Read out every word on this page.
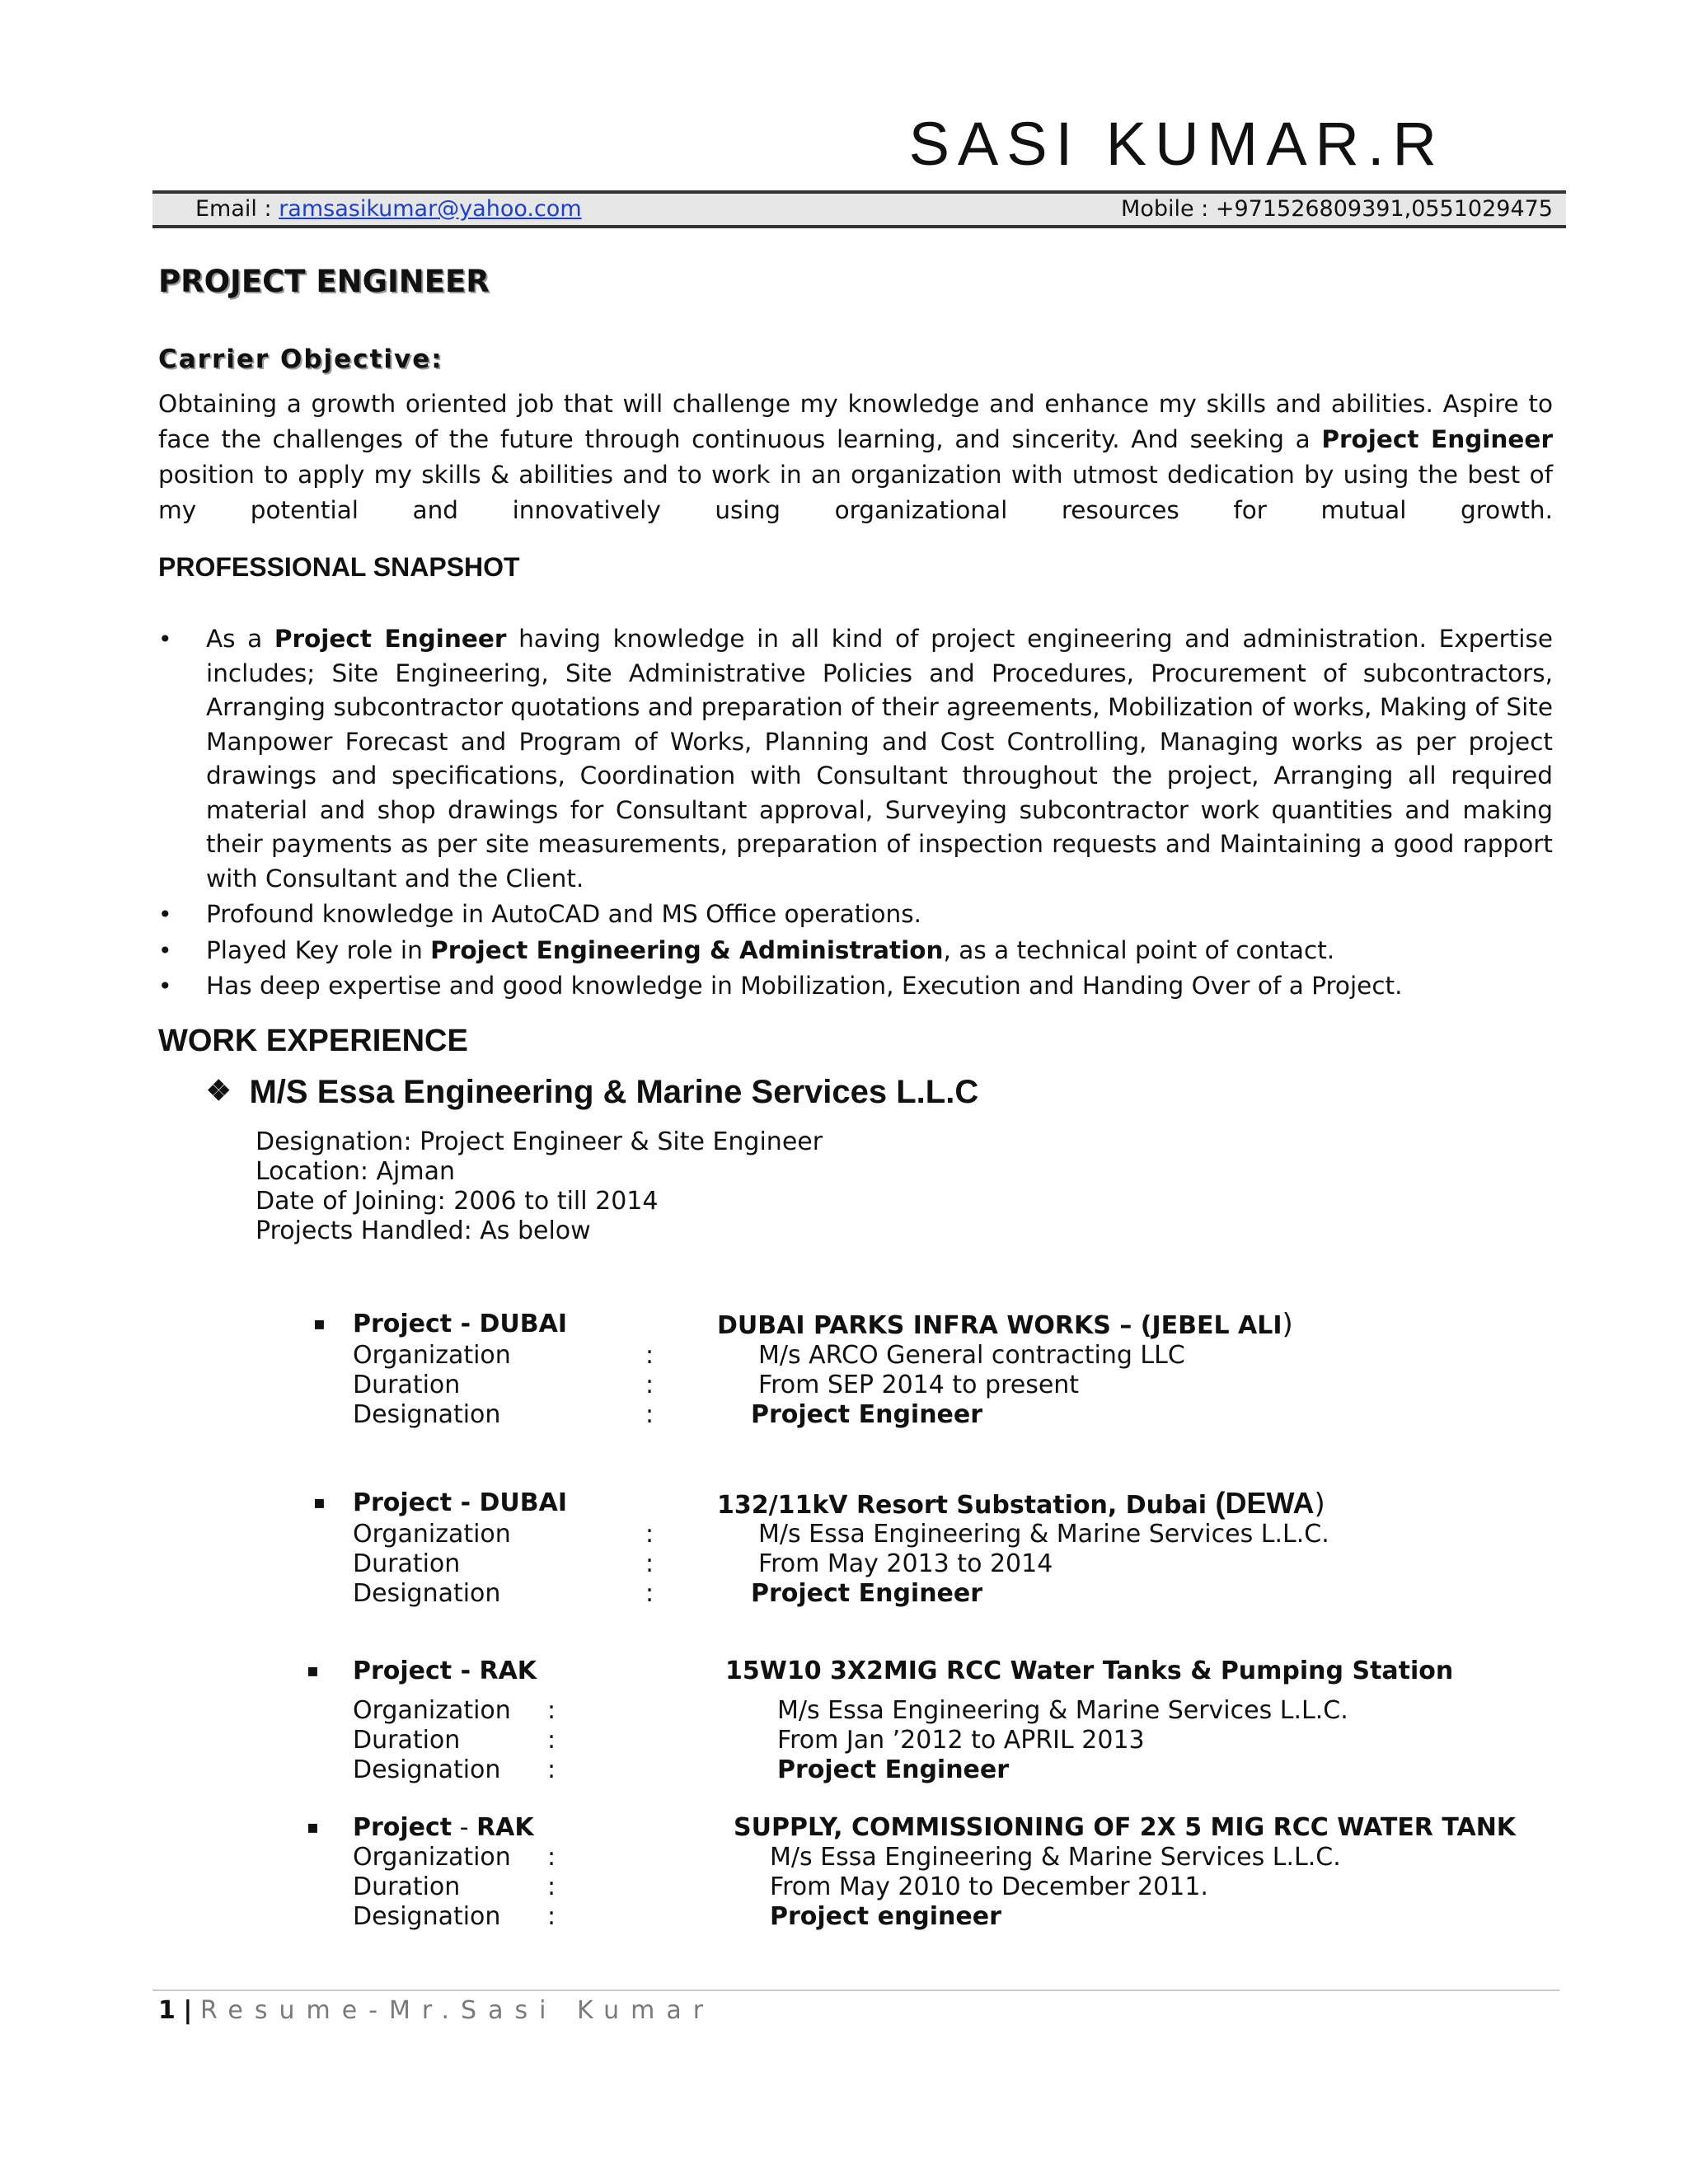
SASI KUMAR.R
Email : ramsasikumar@yahoo.com	Mobile : +971526809391,0551029475
PROJECT ENGINEER
Carrier Objective:
Obtaining a growth oriented job that will challenge my knowledge and enhance my skills and abilities. Aspire to face the challenges of the future through continuous learning, and sincerity. And seeking a Project Engineer position to apply my skills & abilities and to work in an organization with utmost dedication by using the best of my potential and innovatively using organizational resources for mutual growth.
PROFESSIONAL SNAPSHOT
• As a Project Engineer having knowledge in all kind of project engineering and administration. Expertise includes; Site Engineering, Site Administrative Policies and Procedures, Procurement of subcontractors, Arranging subcontractor quotations and preparation of their agreements, Mobilization of works, Making of Site Manpower Forecast and Program of Works, Planning and Cost Controlling, Managing works as per project drawings and specifications, Coordination with Consultant throughout the project, Arranging all required material and shop drawings for Consultant approval, Surveying subcontractor work quantities and making their payments as per site measurements, preparation of inspection requests and Maintaining a good rapport with Consultant and the Client.
• Profound knowledge in AutoCAD and MS Office operations.
• Played Key role in Project Engineering & Administration, as a technical point of contact.
• Has deep expertise and good knowledge in Mobilization, Execution and Handing Over of a Project.
WORK EXPERIENCE
❖ M/S Essa Engineering & Marine Services L.L.C
Designation: Project Engineer & Site Engineer
Location: Ajman
Date of Joining: 2006 to till 2014
Projects Handled: As below
▪ Project - DUBAI	DUBAI PARKS INFRA WORKS – (JEBEL ALI)
Organization	:	M/s ARCO General contracting LLC
Duration	:	From SEP 2014 to present
Designation	:	Project Engineer
▪ Project - DUBAI	132/11kV Resort Substation, Dubai (DEWA)
Organization	:	M/s Essa Engineering & Marine Services L.L.C.
Duration	:	From May 2013 to 2014
Designation	:	Project Engineer
▪ Project - RAK	15W10 3X2MIG RCC Water Tanks & Pumping Station
Organization :	M/s Essa Engineering & Marine Services L.L.C.
Duration	:	From Jan ’2012 to APRIL 2013
Designation :	Project Engineer
▪ Project - RAK	SUPPLY, COMMISSIONING OF 2X 5 MIG RCC WATER TANK
Organization :	M/s Essa Engineering & Marine Services L.L.C.
Duration	:	From May 2010 to December 2011.
Designation :	Project engineer
1 | Resume-Mr.Sasi Kumar
